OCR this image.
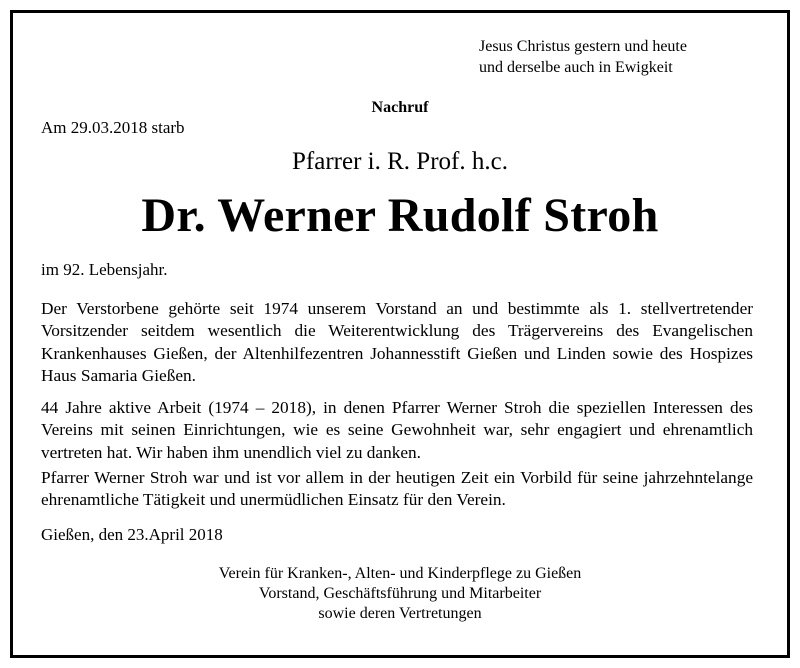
Jesus Christus gestern und heute
und derselbe auch in Ewigkeit
Nachruf
Am 29.03.2018 starb
Pfarrer i. R. Prof. h.c.
Dr. Werner Rudolf Stroh
im 92. Lebensjahr.

Der Verstorbene gehörte seit 1974 unserem Vorstand an und bestimmte als 1. stellvertretender Vorsitzender seitdem wesentlich die Weiterentwicklung des Trägervereins des Evangelischen Krankenhauses Gießen, der Altenhilfezentren Johannesstift Gießen und Linden sowie des Hospizes Haus Samaria Gießen.

44 Jahre aktive Arbeit (1974 – 2018), in denen Pfarrer Werner Stroh die speziellen Interessen des Vereins mit seinen Einrichtungen, wie es seine Gewohnheit war, sehr engagiert und ehrenamtlich vertreten hat. Wir haben ihm unendlich viel zu danken.

Pfarrer Werner Stroh war und ist vor allem in der heutigen Zeit ein Vorbild für seine jahrzehntelange ehrenamtliche Tätigkeit und unermüdlichen Einsatz für den Verein.

Gießen, den 23.April 2018
Verein für Kranken-, Alten- und Kinderpflege zu Gießen
Vorstand, Geschäftsführung und Mitarbeiter
sowie deren Vertretungen
